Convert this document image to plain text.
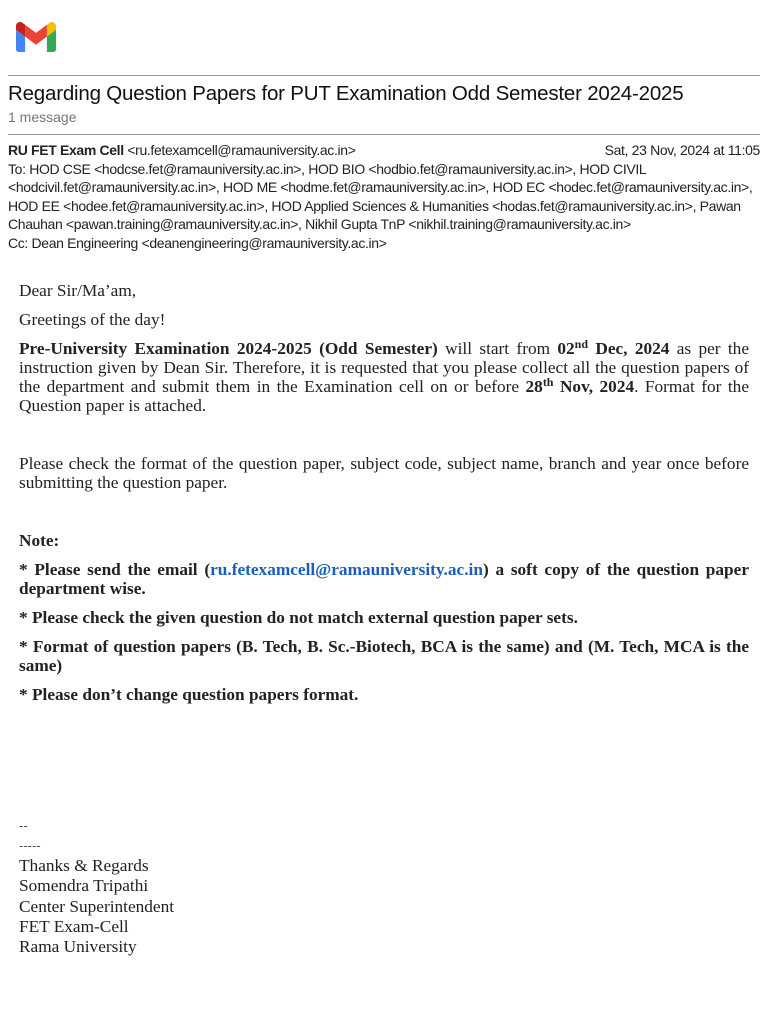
Regarding Question Papers for PUT Examination Odd Semester 2024-2025
1 message
RU FET Exam Cell <ru.fetexamcell@ramauniversity.ac.in>	Sat, 23 Nov, 2024 at 11:05
To: HOD CSE <hodcse.fet@ramauniversity.ac.in>, HOD BIO <hodbio.fet@ramauniversity.ac.in>, HOD CIVIL <hodcivil.fet@ramauniversity.ac.in>, HOD ME <hodme.fet@ramauniversity.ac.in>, HOD EC <hodec.fet@ramauniversity.ac.in>, HOD EE <hodee.fet@ramauniversity.ac.in>, HOD Applied Sciences & Humanities <hodas.fet@ramauniversity.ac.in>, Pawan Chauhan <pawan.training@ramauniversity.ac.in>, Nikhil Gupta TnP <nikhil.training@ramauniversity.ac.in>
Cc: Dean Engineering <deanengineering@ramauniversity.ac.in>

Dear Sir/Ma’am,

Greetings of the day!

Pre-University Examination 2024-2025 (Odd Semester) will start from 02nd Dec, 2024 as per the instruction given by Dean Sir. Therefore, it is requested that you please collect all the question papers of the department and submit them in the Examination cell on or before 28th Nov, 2024. Format for the Question paper is attached.

Please check the format of the question paper, subject code, subject name, branch and year once before submitting the question paper.

Note:

* Please send the email (ru.fetexamcell@ramauniversity.ac.in) a soft copy of the question paper department wise.

* Please check the given question do not match external question paper sets.

* Format of question papers (B. Tech, B. Sc.-Biotech, BCA is the same) and (M. Tech, MCA is the same)

* Please don’t change question papers format.

--
-----
Thanks & Regards
Somendra Tripathi
Center Superintendent
FET Exam-Cell
Rama University
